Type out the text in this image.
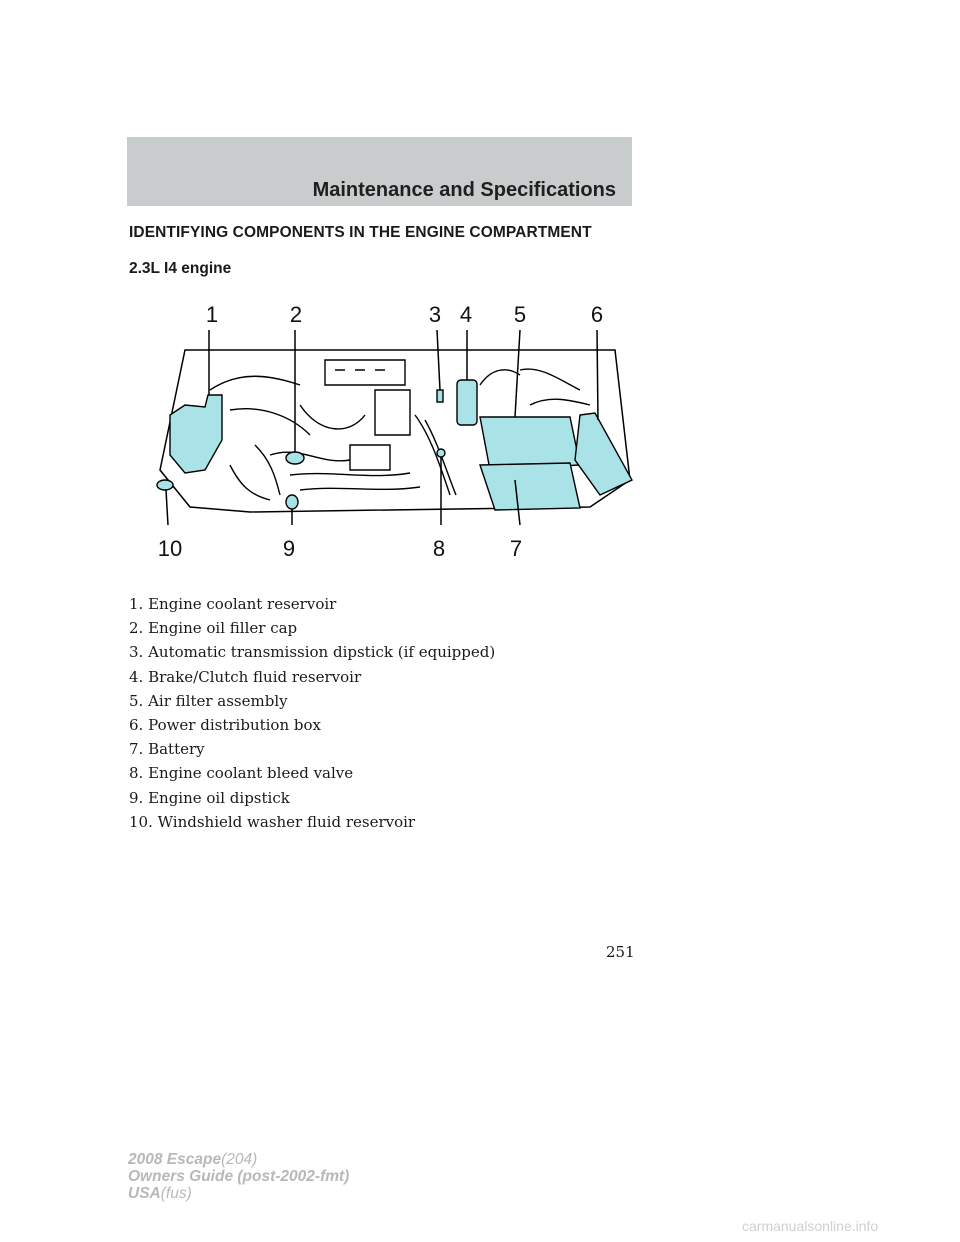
Maintenance and Specifications
IDENTIFYING COMPONENTS IN THE ENGINE COMPARTMENT
2.3L I4 engine
1	2	3 4 5	6
10	9	8	7
1. Engine coolant reservoir
2. Engine oil filler cap
3. Automatic transmission dipstick (if equipped)
4. Brake/Clutch fluid reservoir
5. Air filter assembly
6. Power distribution box
7. Battery
8. Engine coolant bleed valve
9. Engine oil dipstick
10. Windshield washer fluid reservoir
251
2008 Escape(204)
Owners Guide (post-2002-fmt)
USA(fus)
carmanualsonline.info
